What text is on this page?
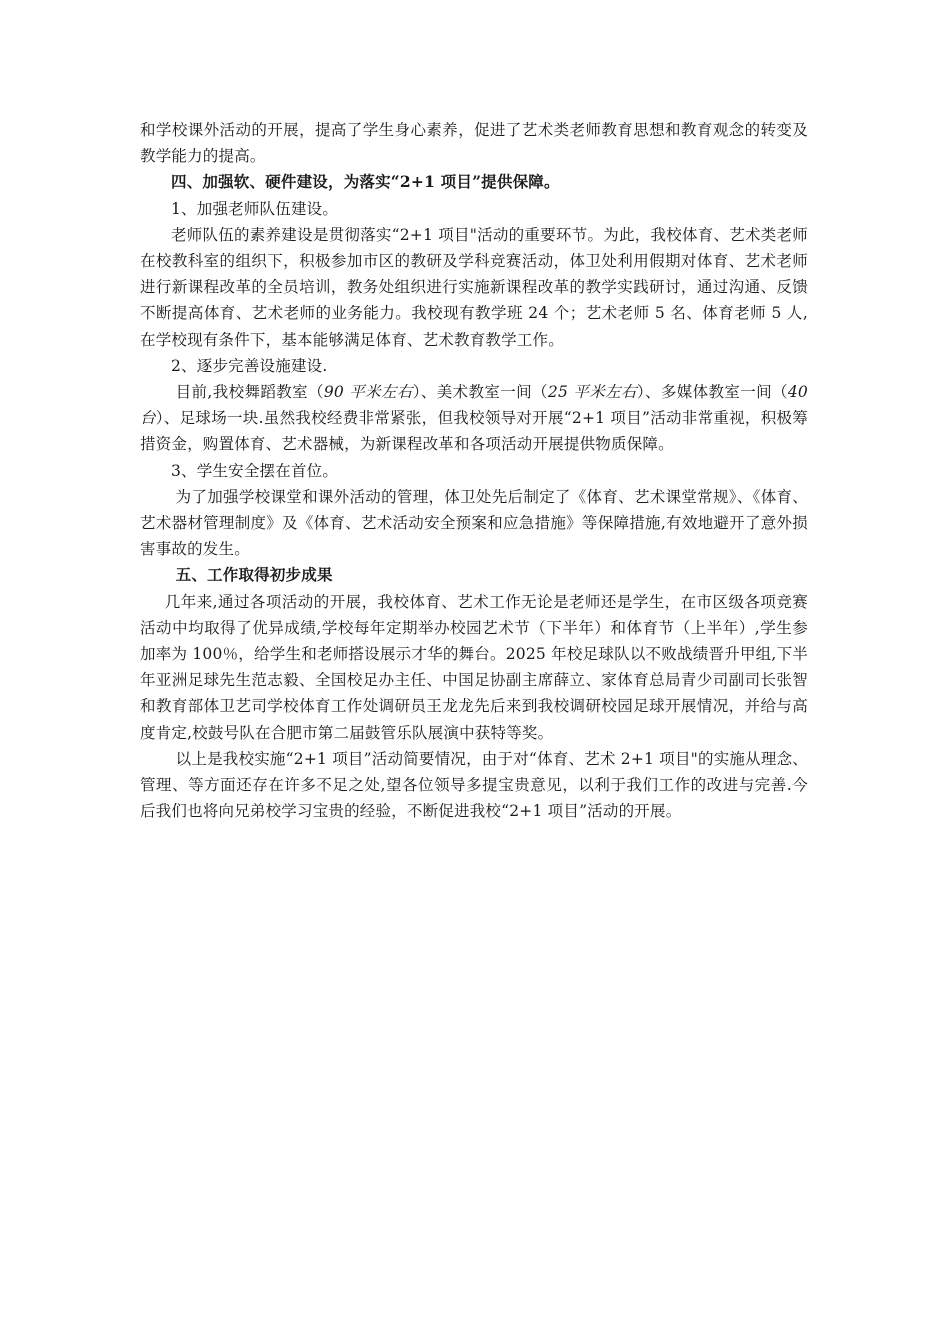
和学校课外活动的开展，提高了学生身心素养，促进了艺术类老师教育思想和教育观念的转变及教学能力的提高。

四、加强软、硬件建设，为落实“2+1 项目”提供保障。

1、加强老师队伍建设。

老师队伍的素养建设是贯彻落实“2+1 项目"活动的重要环节。为此，我校体育、艺术类老师在校教科室的组织下，积极参加市区的教研及学科竞赛活动，体卫处利用假期对体育、艺术老师进行新课程改革的全员培训，教务处组织进行实施新课程改革的教学实践研讨，通过沟通、反馈不断提高体育、艺术老师的业务能力。我校现有教学班 24 个；艺术老师 5 名、体育老师 5 人,在学校现有条件下，基本能够满足体育、艺术教育教学工作。

2、逐步完善设施建设.

目前,我校舞蹈教室（90 平米左右）、美术教室一间（25 平米左右）、多媒体教室一间（40 台）、足球场一块.虽然我校经费非常紧张，但我校领导对开展“2+1 项目”活动非常重视，积极筹措资金，购置体育、艺术器械，为新课程改革和各项活动开展提供物质保障。

3、学生安全摆在首位。

为了加强学校课堂和课外活动的管理，体卫处先后制定了《体育、艺术课堂常规》、《体育、艺术器材管理制度》及《体育、艺术活动安全预案和应急措施》等保障措施,有效地避开了意外损害事故的发生。

五、工作取得初步成果

几年来,通过各项活动的开展，我校体育、艺术工作无论是老师还是学生，在市区级各项竞赛活动中均取得了优异成绩,学校每年定期举办校园艺术节（下半年）和体育节（上半年）,学生参加率为 100％，给学生和老师搭设展示才华的舞台。2025 年校足球队以不败战绩晋升甲组,下半年亚洲足球先生范志毅、全国校足办主任、中国足协副主席薛立、家体育总局青少司副司长张智和教育部体卫艺司学校体育工作处调研员王龙龙先后来到我校调研校园足球开展情况，并给与高度肯定,校鼓号队在合肥市第二届鼓管乐队展演中获特等奖。

以上是我校实施“2+1 项目”活动简要情况，由于对“体育、艺术 2+1 项目"的实施从理念、管理、等方面还存在许多不足之处,望各位领导多提宝贵意见，以利于我们工作的改进与完善.今后我们也将向兄弟校学习宝贵的经验，不断促进我校“2+1 项目”活动的开展。
